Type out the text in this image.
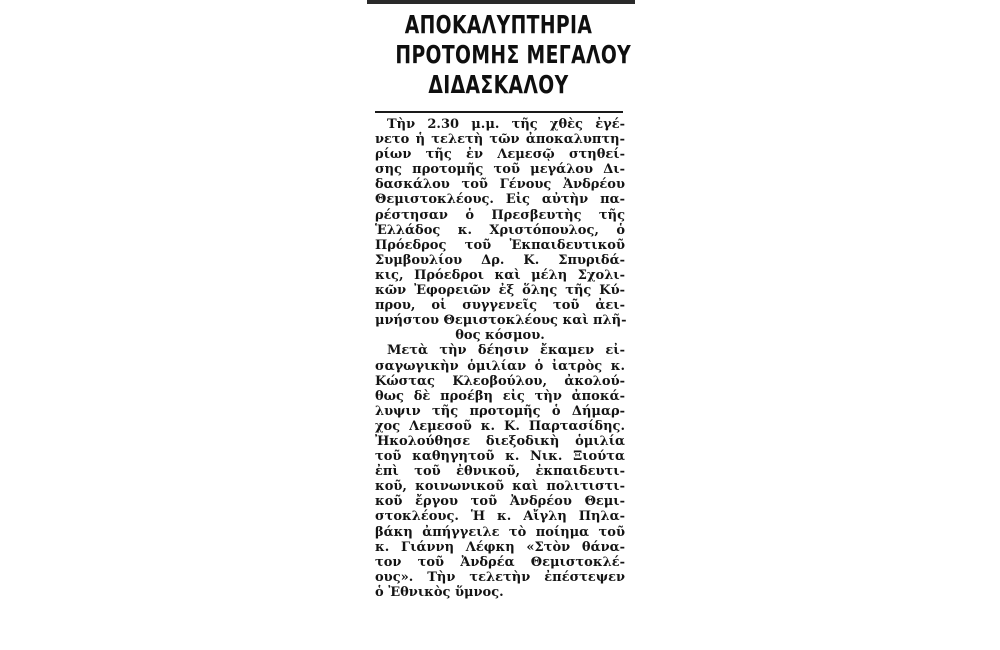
ΑΠΟΚΑΛΥΠΤΗΡΙΑ
ΠΡΟΤΟΜΗΣ ΜΕΓΑΛΟΥ
ΔΙΔΑΣΚΑΛΟΥ
Τὴν 2.30 μ.μ. τῆς χθὲς ἐγέ-
νετο ἡ τελετὴ τῶν ἀποκαλυπτη-
ρίων τῆς ἐν Λεμεσῷ στηθεί-
σης προτομῆς τοῦ μεγάλου Δι-
δασκάλου τοῦ Γένους Ἀνδρέου
Θεμιστοκλέους. Εἰς αὐτὴν πα-
ρέστησαν ὁ Πρεσβευτὴς τῆς
Ἑλλάδος κ. Χριστόπουλος, ὁ
Πρόεδρος τοῦ Ἐκπαιδευτικοῦ
Συμβουλίου Δρ. Κ. Σπυριδά-
κις, Πρόεδροι καὶ μέλη Σχολι-
κῶν Ἐφορειῶν ἐξ ὅλης τῆς Κύ-
πρου, οἱ συγγενεῖς τοῦ ἀει-
μνήστου Θεμιστοκλέους καὶ πλῆ-
θος κόσμου.
Μετὰ τὴν δέησιν ἔκαμεν εἰ-
σαγωγικὴν ὁμιλίαν ὁ ἰατρὸς κ.
Κώστας Κλεοβούλου, ἀκολού-
θως δὲ προέβη εἰς τὴν ἀποκά-
λυψιν τῆς προτομῆς ὁ Δήμαρ-
χος Λεμεσοῦ κ. Κ. Παρτασίδης.
Ἠκολούθησε διεξοδικὴ ὁμιλία
τοῦ καθηγητοῦ κ. Νικ. Ξιούτα
ἐπὶ τοῦ ἐθνικοῦ, ἐκπαιδευτι-
κοῦ, κοινωνικοῦ καὶ πολιτιστι-
κοῦ ἔργου τοῦ Ἀνδρέου Θεμι-
στοκλέους. Ἡ κ. Αἴγλη Πηλα-
βάκη ἀπήγγειλε τὸ ποίημα τοῦ
κ. Γιάννη Λέφκη «Στὸν θάνα-
τον τοῦ Ἀνδρέα Θεμιστοκλέ-
ους». Τὴν τελετὴν ἐπέστεψεν
ὁ Ἐθνικὸς ὕμνος.
